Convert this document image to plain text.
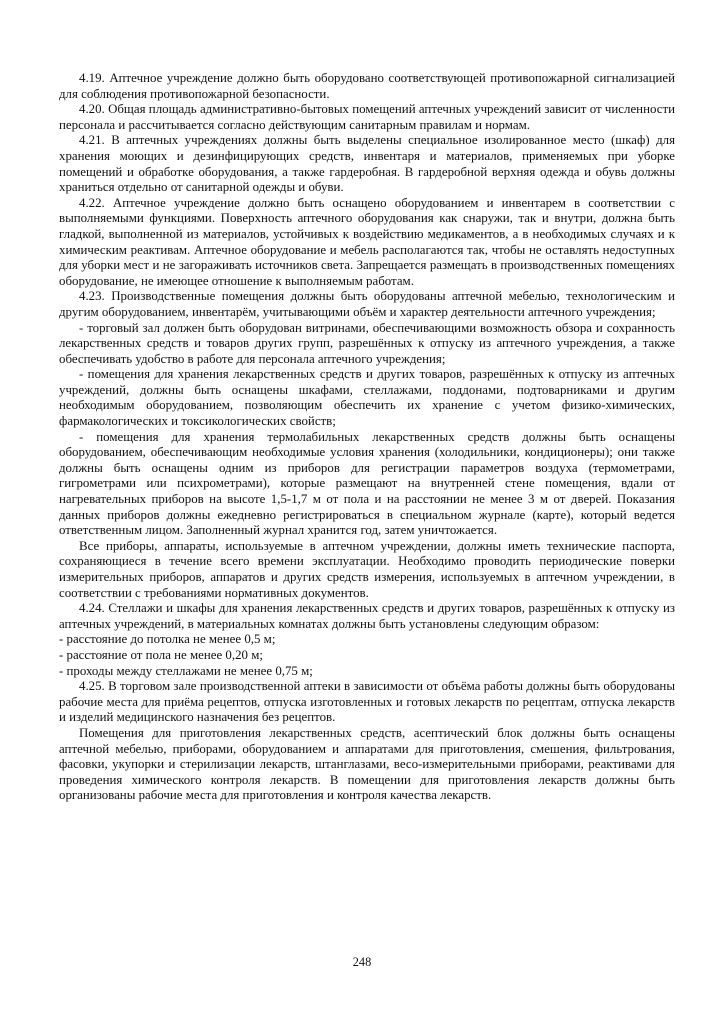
4.19. Аптечное учреждение должно быть оборудовано соответствующей противопожарной сигнализацией для соблюдения противопожарной безопасности.

4.20. Общая площадь административно-бытовых помещений аптечных учреждений зависит от численности персонала и рассчитывается согласно действующим санитарным правилам и нормам.

4.21. В аптечных учреждениях должны быть выделены специальное изолированное место (шкаф) для хранения моющих и дезинфицирующих средств, инвентаря и материалов, применяемых при уборке помещений и обработке оборудования, а также гардеробная. В гардеробной верхняя одежда и обувь должны храниться отдельно от санитарной одежды и обуви.

4.22. Аптечное учреждение должно быть оснащено оборудованием и инвентарем в соответствии с выполняемыми функциями. Поверхность аптечного оборудования как снаружи, так и внутри, должна быть гладкой, выполненной из материалов, устойчивых к воздействию медикаментов, а в необходимых случаях и к химическим реактивам. Аптечное оборудование и мебель располагаются так, чтобы не оставлять недоступных для уборки мест и не загораживать источников света. Запрещается размещать в производственных помещениях оборудование, не имеющее отношение к выполняемым работам.

4.23. Производственные помещения должны быть оборудованы аптечной мебелью, технологическим и другим оборудованием, инвентарём, учитывающими объём и характер деятельности аптечного учреждения;

- торговый зал должен быть оборудован витринами, обеспечивающими возможность обзора и сохранность лекарственных средств и товаров других групп, разрешённых к отпуску из аптечного учреждения, а также обеспечивать удобство в работе для персонала аптечного учреждения;

- помещения для хранения лекарственных средств и других товаров, разрешённых к отпуску из аптечных учреждений, должны быть оснащены шкафами, стеллажами, поддонами, подтоварниками и другим необходимым оборудованием, позволяющим обеспечить их хранение с учетом физико-химических, фармакологических и токсикологических свойств;

- помещения для хранения термолабильных лекарственных средств должны быть оснащены оборудованием, обеспечивающим необходимые условия хранения (холодильники, кондиционеры); они также должны быть оснащены одним из приборов для регистрации параметров воздуха (термометрами, гигрометрами или психрометрами), которые размещают на внутренней стене помещения, вдали от нагревательных приборов на высоте 1,5-1,7 м от пола и на расстоянии не менее 3 м от дверей. Показания данных приборов должны ежедневно регистрироваться в специальном журнале (карте), который ведется ответственным лицом. Заполненный журнал хранится год, затем уничтожается.

Все приборы, аппараты, используемые в аптечном учреждении, должны иметь технические паспорта, сохраняющиеся в течение всего времени эксплуатации. Необходимо проводить периодические поверки измерительных приборов, аппаратов и других средств измерения, используемых в аптечном учреждении, в соответствии с требованиями нормативных документов.

4.24. Стеллажи и шкафы для хранения лекарственных средств и других товаров, разрешённых к отпуску из аптечных учреждений, в материальных комнатах должны быть установлены следующим образом:

- расстояние до потолка не менее 0,5 м;

- расстояние от пола не менее 0,20 м;

- проходы между стеллажами не менее 0,75 м;

4.25. В торговом зале производственной аптеки в зависимости от объёма работы должны быть оборудованы рабочие места для приёма рецептов, отпуска изготовленных и готовых лекарств по рецептам, отпуска лекарств и изделий медицинского назначения без рецептов.

Помещения для приготовления лекарственных средств, асептический блок должны быть оснащены аптечной мебелью, приборами, оборудованием и аппаратами для приготовления, смешения, фильтрования, фасовки, укупорки и стерилизации лекарств, штанглазами, весо-измерительными приборами, реактивами для проведения химического контроля лекарств. В помещении для приготовления лекарств должны быть организованы рабочие места для приготовления и контроля качества лекарств.

248
